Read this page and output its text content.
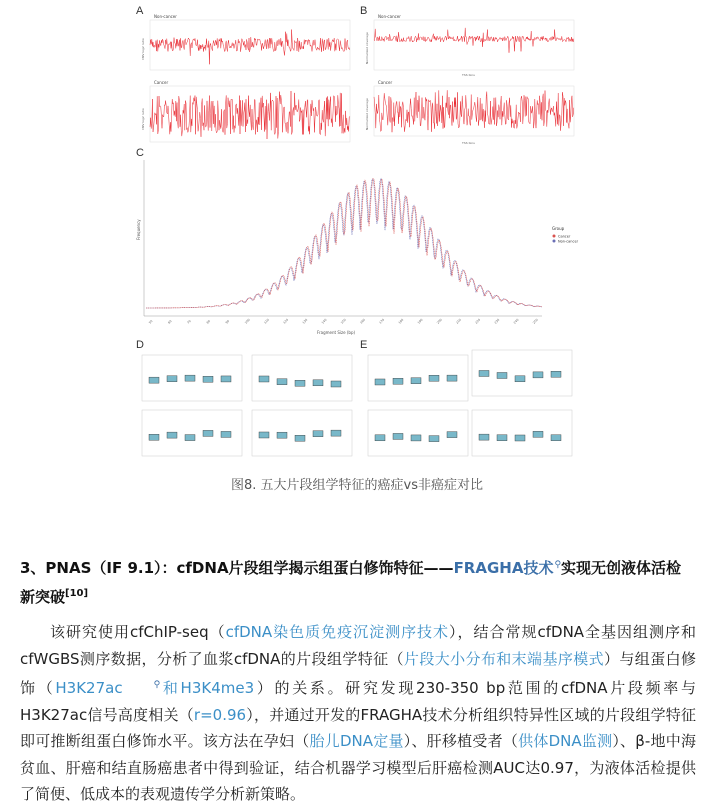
A	B
C
D	E
Non-cancer
CNV log2 ratio
Cancer
CNV log2 ratio
Non-cancer
Normalized coverage
TSS bins
Cancer
Normalized coverage
TSS bins
Frequency
50	60	70	80	90	100	110	120	130	140	150	160	170	180	190	200	210	220	230	240	250
Fragment Size (bp)
Group
Cancer
Non-cancer
图8. 五大片段组学特征的癌症vs非癌症对比
3、PNAS（IF 9.1）：cfDNA片段组学揭示组蛋白修饰特征——FRAGHA技术⚲实现无创液体活检新突破[10]
该研究使用cfChIP-seq（cfDNA染色质免疫沉淀测序技术），结合常规cfDNA全基因组测序和cfWGBS测序数据，分析了血浆cfDNA的片段组学特征（片段大小分布和末端基序模式）与组蛋白修饰（H3K27ac	⚲和H3K4me3）的关系。研究发现230-350 bp范围的cfDNA片段频率与H3K27ac信号高度相关（r=0.96），并通过开发的FRAGHA技术分析组织特异性区域的片段组学特征即可推断组蛋白修饰水平。该方法在孕妇（胎儿DNA定量）、肝移植受者（供体DNA监测）、β-地中海贫血、肝癌和结直肠癌患者中得到验证，结合机器学习模型后肝癌检测AUC达0.97，为液体活检提供了简便、低成本的表观遗传学分析新策略。
